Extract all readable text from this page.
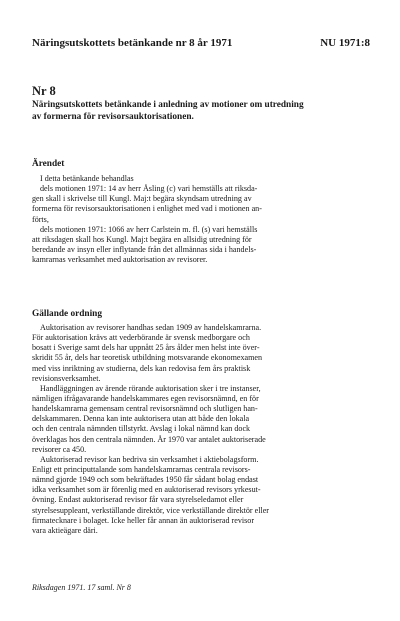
Näringsutskottets betänkande nr 8 år 1971	NU 1971:8
Nr 8
Näringsutskottets betänkande i anledning av motioner om utredning
av formerna för revisorsauktorisationen.
Ärendet
I detta betänkande behandlas
dels motionen 1971: 14 av herr Åsling (c) vari hemställs att riksda-
gen skall i skrivelse till Kungl. Maj:t begära skyndsam utredning av
formerna för revisorsauktorisationen i enlighet med vad i motionen an-
förts,
dels motionen 1971: 1066 av herr Carlstein m. fl. (s) vari hemställs
att riksdagen skall hos Kungl. Maj:t begära en allsidig utredning för
beredande av insyn eller inflytande från det allmännas sida i handels-
kamrarnas verksamhet med auktorisation av revisorer.
Gällande ordning
Auktorisation av revisorer handhas sedan 1909 av handelskamrarna.
För auktorisation krävs att vederbörande är svensk medborgare och
bosatt i Sverige samt dels har uppnått 25 års ålder men helst inte över-
skridit 55 år, dels har teoretisk utbildning motsvarande ekonomexamen
med viss inriktning av studierna, dels kan redovisa fem års praktisk
revisionsverksamhet.
Handläggningen av ärende rörande auktorisation sker i tre instanser,
nämligen ifrågavarande handelskammares egen revisorsnämnd, en för
handelskamrarna gemensam central revisorsnämnd och slutligen han-
delskammaren. Denna kan inte auktorisera utan att både den lokala
och den centrala nämnden tillstyrkt. Avslag i lokal nämnd kan dock
överklagas hos den centrala nämnden. År 1970 var antalet auktoriserade
revisorer ca 450.
Auktoriserad revisor kan bedriva sin verksamhet i aktiebolagsform.
Enligt ett principuttalande som handelskamrarnas centrala revisors-
nämnd gjorde 1949 och som bekräftades 1950 får sådant bolag endast
idka verksamhet som är förenlig med en auktoriserad revisors yrkesut-
övning. Endast auktoriserad revisor får vara styrelseledamot eller
styrelsesuppleant, verkställande direktör, vice verkställande direktör eller
firmatecknare i bolaget. Icke heller får annan än auktoriserad revisor
vara aktieägare däri.
Riksdagen 1971. 17 saml. Nr 8
